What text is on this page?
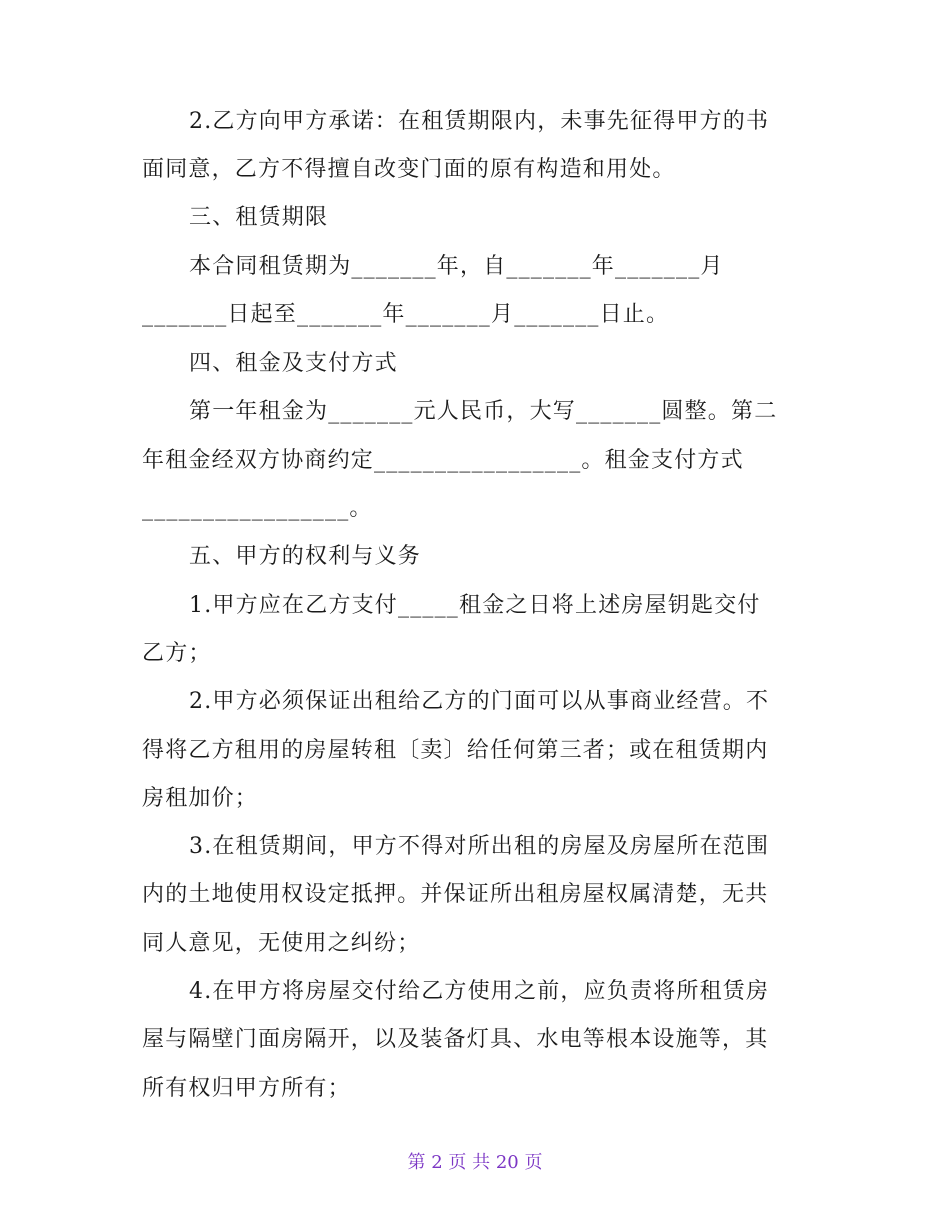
2.乙方向甲方承诺：在租赁期限内，未事先征得甲方的书
面同意，乙方不得擅自改变门面的原有构造和用处。
三、租赁期限
本合同租赁期为_______年，自_______年_______月
_______日起至_______年_______月_______日止。
四、租金及支付方式
第一年租金为_______元人民币，大写_______圆整。第二
年租金经双方协商约定_________________。租金支付方式
_________________。
五、甲方的权利与义务
1.甲方应在乙方支付_____租金之日将上述房屋钥匙交付
乙方；
2.甲方必须保证出租给乙方的门面可以从事商业经营。不
得将乙方租用的房屋转租〔卖〕给任何第三者；或在租赁期内
房租加价；
3.在租赁期间，甲方不得对所出租的房屋及房屋所在范围
内的土地使用权设定抵押。并保证所出租房屋权属清楚，无共
同人意见，无使用之纠纷；
4.在甲方将房屋交付给乙方使用之前，应负责将所租赁房
屋与隔壁门面房隔开，以及装备灯具、水电等根本设施等，其
所有权归甲方所有；
第 2 页 共 20 页
